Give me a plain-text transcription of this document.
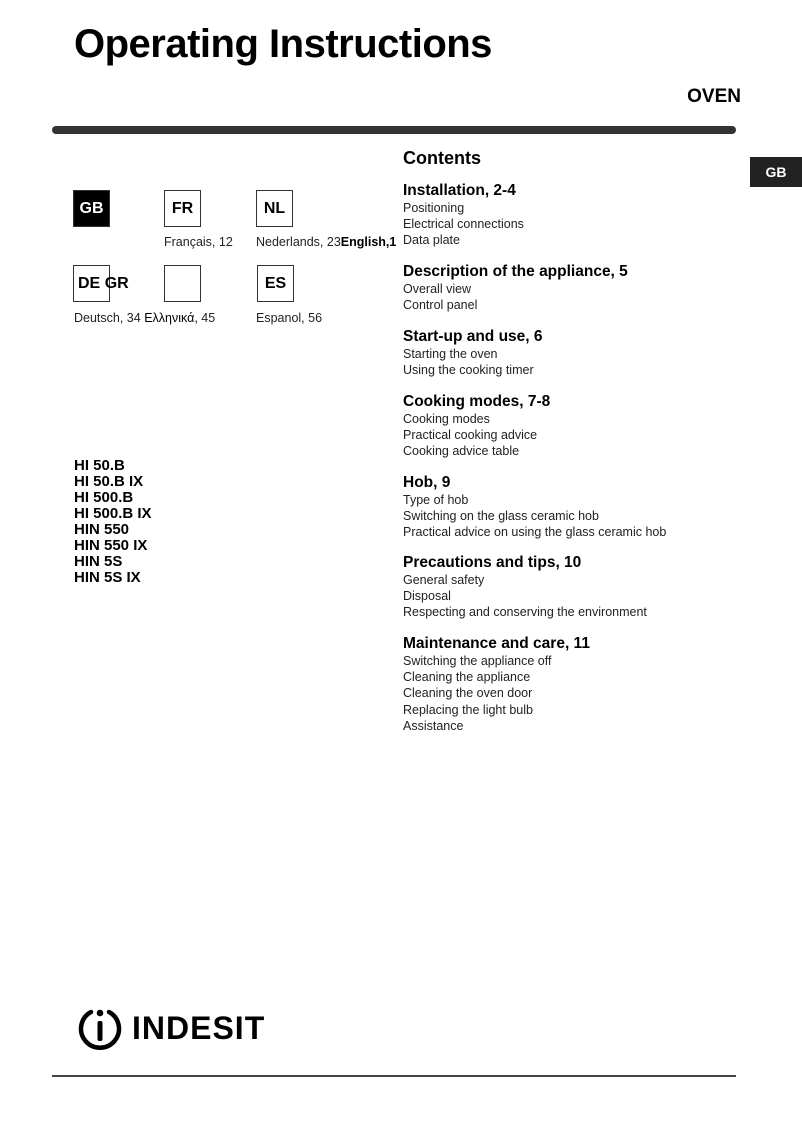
Operating Instructions
OVEN
GB
GB	FR	NL
Français, 12 Nederlands, 23English,1
DE
GR	ES
Deutsch, 34 Ελληνικά, 45	Espanol, 56
HI 50.B
HI 50.B IX
HI 500.B
HI 500.B IX
HIN 550
HIN 550 IX
HIN 5S
HIN 5S IX
Contents
Installation, 2-4
Positioning
Electrical connections
Data plate
Description of the appliance, 5
Overall view
Control panel
Start-up and use, 6
Starting the oven
Using the cooking timer
Cooking modes, 7-8
Cooking modes
Practical cooking advice
Cooking advice table
Hob, 9
Type of hob
Switching on the glass ceramic hob
Practical advice on using the glass ceramic hob
Precautions and tips, 10
General safety
Disposal
Respecting and conserving the environment
Maintenance and care, 11
Switching the appliance off
Cleaning the appliance
Cleaning the oven door
Replacing the light bulb
Assistance
INDESIT
